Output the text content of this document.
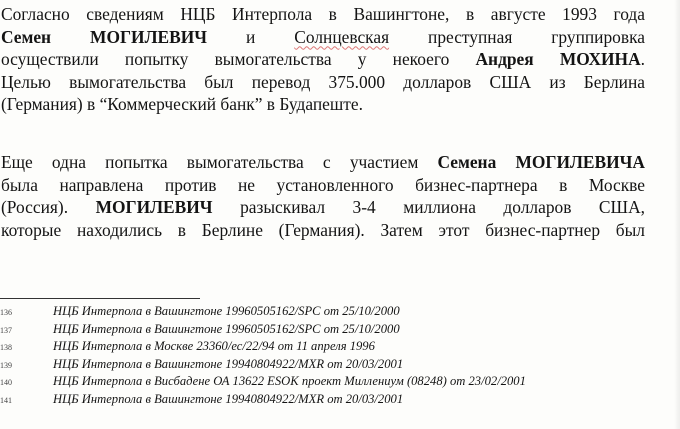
Согласно сведениям НЦБ Интерпола в Вашингтоне, в августе 1993 года
Семен МОГИЛЕВИЧ и Солнцевская преступная группировка
осуществили попытку вымогательства у некоего Андрея МОХИНА.
Целью вымогательства был перевод 375.000 долларов США из Берлина
(Германия) в “Коммерческий банк” в Будапеште.

Еще одна попытка вымогательства с участием Семена МОГИЛЕВИЧА
была направлена против не установленного бизнес-партнера в Москве
(Россия). МОГИЛЕВИЧ разыскивал 3-4 миллиона долларов США,
которые находились в Берлине (Германия). Затем этот бизнес-партнер был

136	НЦБ Интерпола в Вашингтоне 19960505162/SPC от 25/10/2000
137	НЦБ Интерпола в Вашингтоне 19960505162/SPC от 25/10/2000
138	НЦБ Интерпола в Москве 23360/ес/22/94 от 11 апреля 1996
139	НЦБ Интерпола в Вашингтоне 19940804922/MXR от 20/03/2001
140	НЦБ Интерпола в Висбадене ОА 13622 ESOK проект Миллениум (08248) от 23/02/2001
141	НЦБ Интерпола в Вашингтоне 19940804922/MXR от 20/03/2001
